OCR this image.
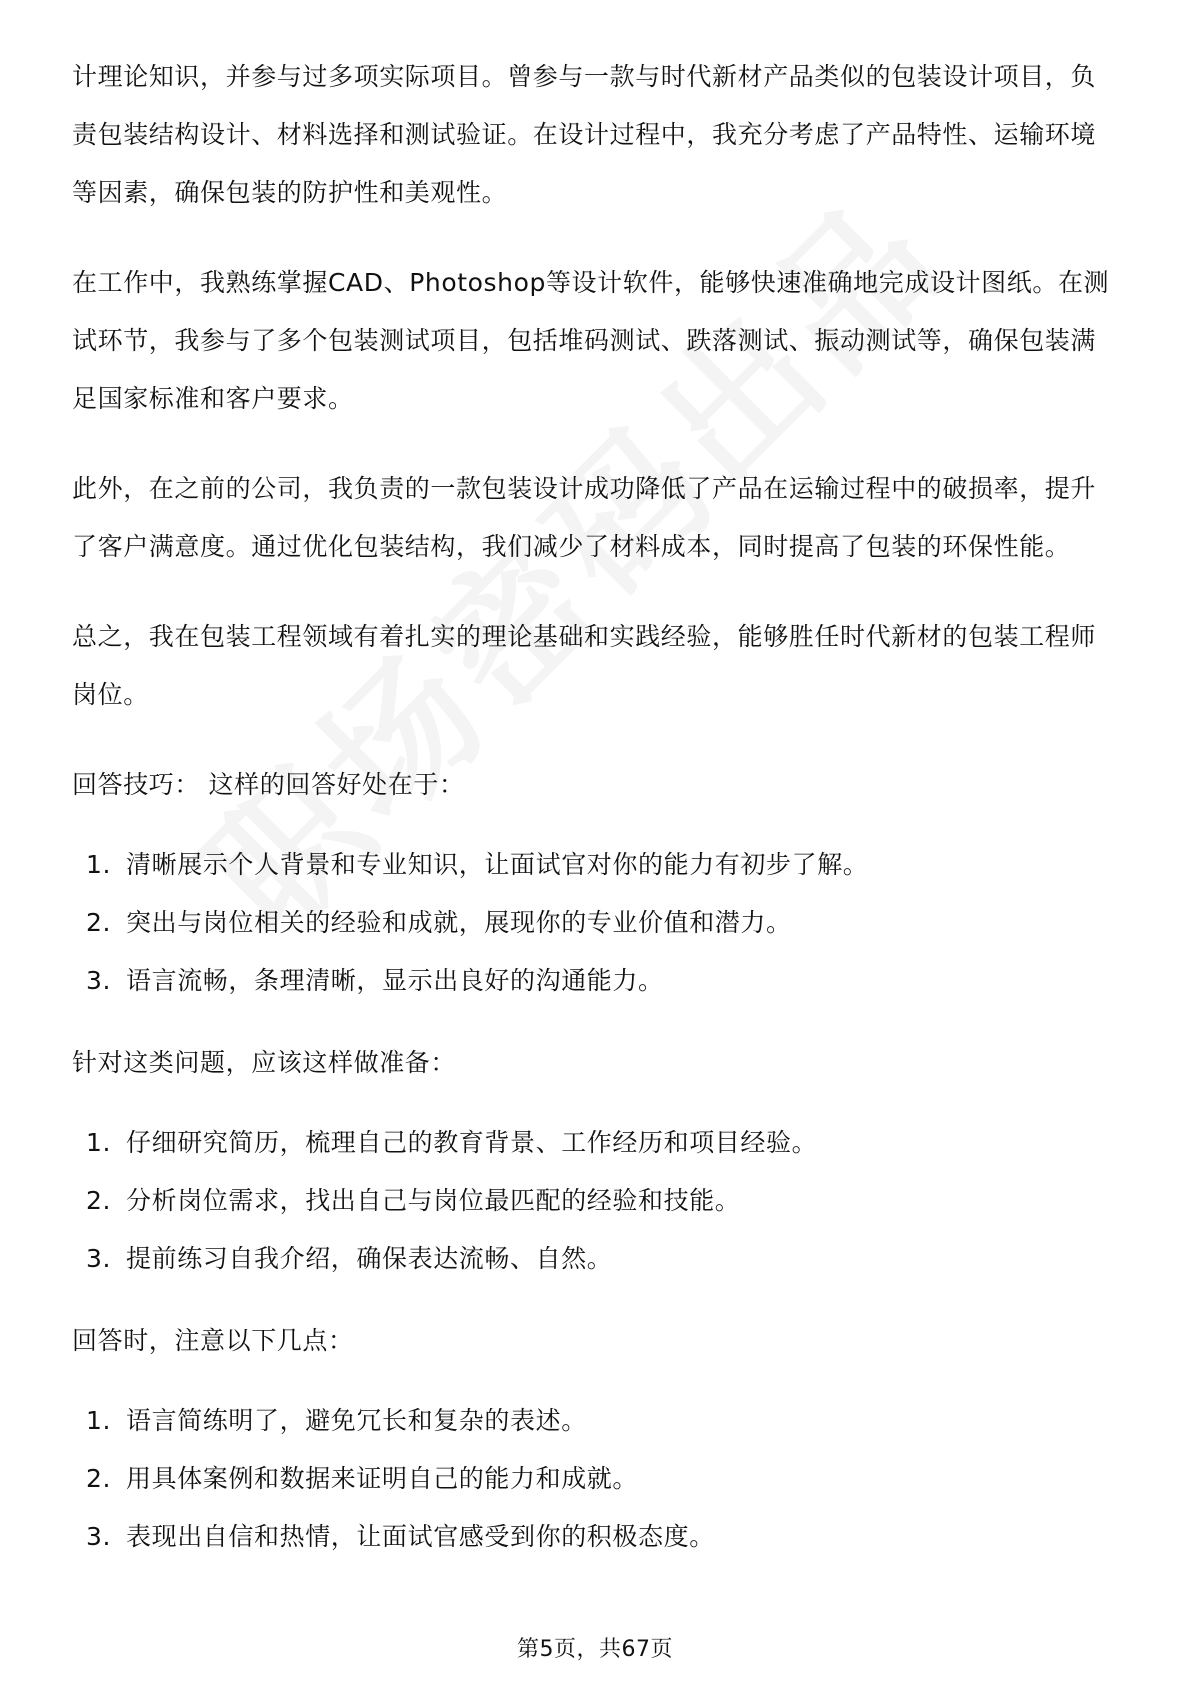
计理论知识，并参与过多项实际项目。曾参与一款与时代新材产品类似的包装设计项目，负责包装结构设计、材料选择和测试验证。在设计过程中，我充分考虑了产品特性、运输环境等因素，确保包装的防护性和美观性。

在工作中，我熟练掌握CAD、Photoshop等设计软件，能够快速准确地完成设计图纸。在测试环节，我参与了多个包装测试项目，包括堆码测试、跌落测试、振动测试等，确保包装满足国家标准和客户要求。

此外，在之前的公司，我负责的一款包装设计成功降低了产品在运输过程中的破损率，提升了客户满意度。通过优化包装结构，我们减少了材料成本，同时提高了包装的环保性能。

总之，我在包装工程领域有着扎实的理论基础和实践经验，能够胜任时代新材的包装工程师岗位。

回答技巧： 这样的回答好处在于：

1. 清晰展示个人背景和专业知识，让面试官对你的能力有初步了解。
2. 突出与岗位相关的经验和成就，展现你的专业价值和潜力。
3. 语言流畅，条理清晰，显示出良好的沟通能力。

针对这类问题，应该这样做准备：

1. 仔细研究简历，梳理自己的教育背景、工作经历和项目经验。
2. 分析岗位需求，找出自己与岗位最匹配的经验和技能。
3. 提前练习自我介绍，确保表达流畅、自然。

回答时，注意以下几点：

1. 语言简练明了，避免冗长和复杂的表述。
2. 用具体案例和数据来证明自己的能力和成就。
3. 表现出自信和热情，让面试官感受到你的积极态度。
第5页，共67页
